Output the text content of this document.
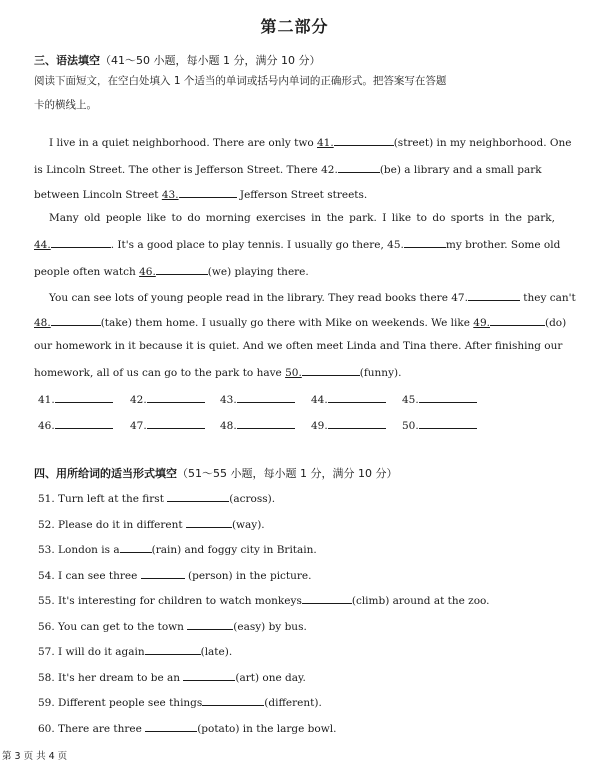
第二部分
三、语法填空（41～50 小题，每小题 1 分，满分 10 分）
阅读下面短文，在空白处填入 1 个适当的单词或括号内单词的正确形式。把答案写在答题
卡的横线上。
I live in a quiet neighborhood. There are only two 41.	(street) in my neighborhood. One
is Lincoln Street. The other is Jefferson Street. There 42.	(be) a library and a small park
between Lincoln Street 43.	Jefferson Street streets.
Many old people like to do morning exercises in the park. I like to do sports in the park,
44.	. It's a good place to play tennis. I usually go there, 45.	my brother. Some old
people often watch 46.	(we) playing there.
You can see lots of young people read in the library. They read books there 47.	they can't
48.	(take) them home. I usually go there with Mike on weekends. We like 49.	(do)
our homework in it because it is quiet. And we often meet Linda and Tina there. After finishing our
homework, all of us can go to the park to have 50.	(funny).
41.	42.	43.	44.	45.
46.	47.	48.	49.	50.
四、用所给词的适当形式填空（51～55 小题，每小题 1 分，满分 10 分）
51. Turn left at the first	(across).
52. Please do it in different	(way).
53. London is a	(rain) and foggy city in Britain.
54. I can see three	(person) in the picture.
55. It's interesting for children to watch monkeys	(climb) around at the zoo.
56. You can get to the town	(easy) by bus.
57. I will do it again	(late).
58. It's her dream to be an	(art) one day.
59. Different people see things	(different).
60. There are three	(potato) in the large bowl.
第 3 页 共 4 页
